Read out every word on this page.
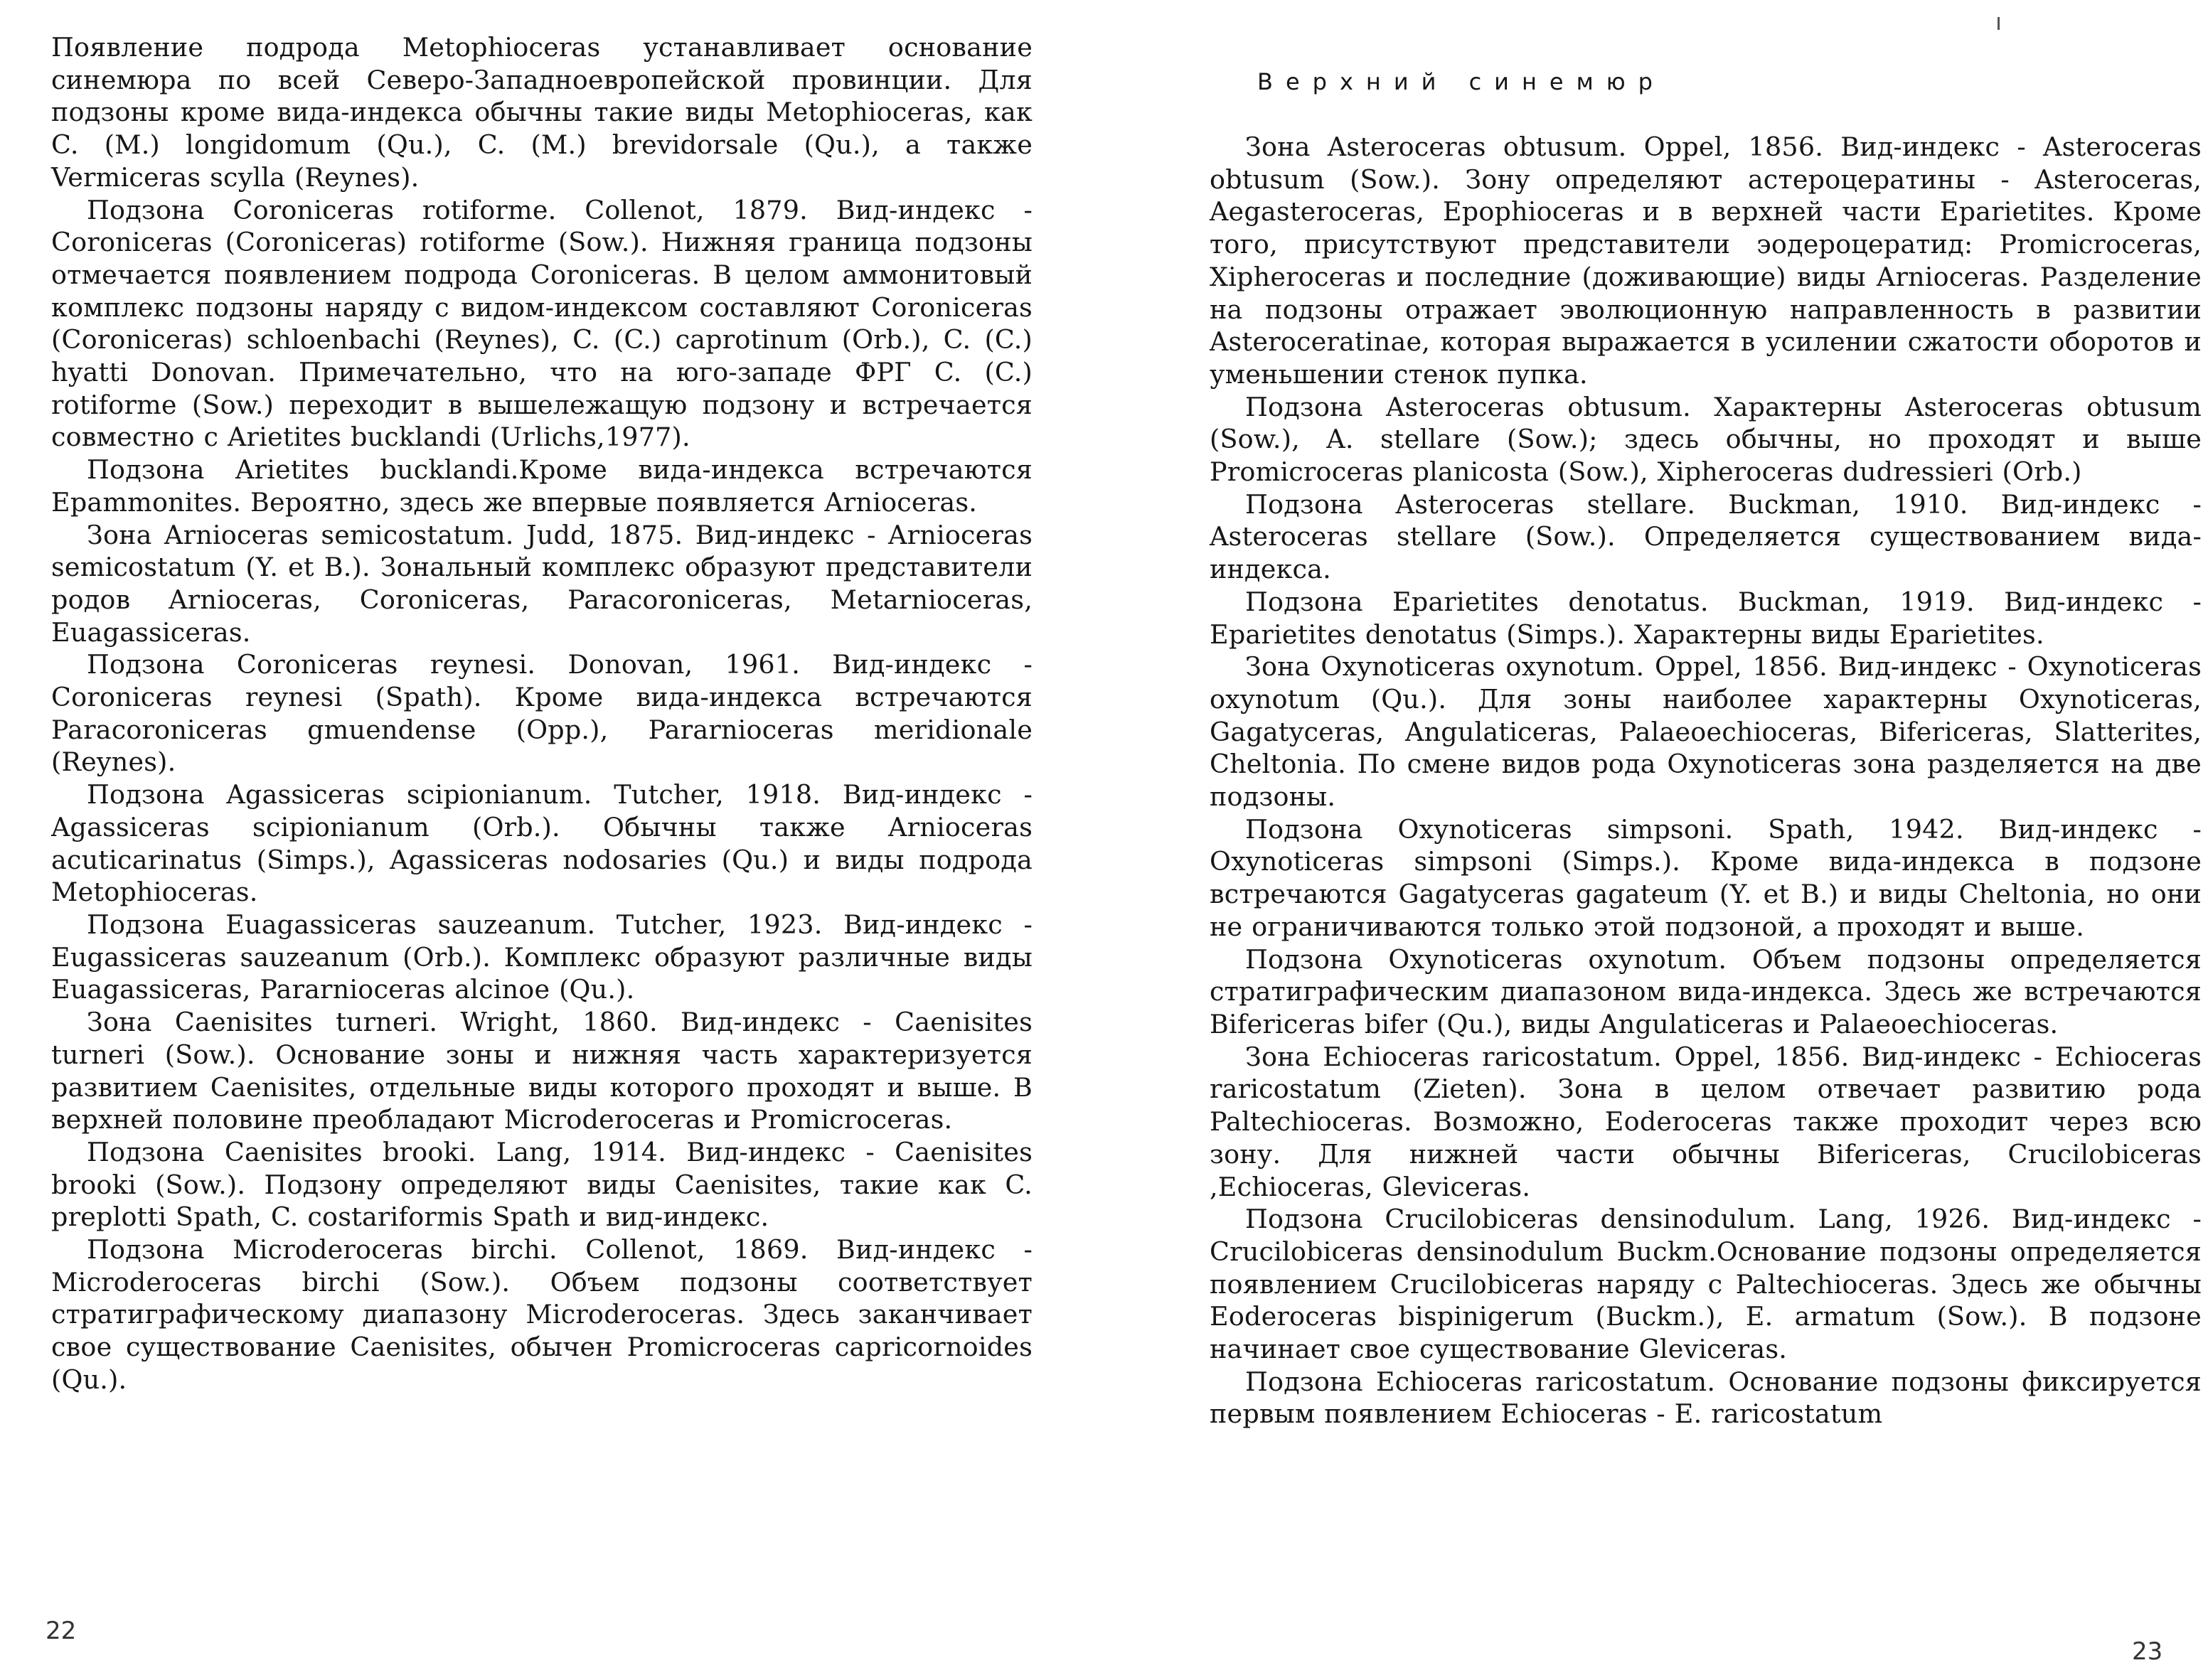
Появление подрода Metophioceras устанавливает основание синемюра по всей Северо-Западноевропейской провинции. Для подзоны кроме вида-индекса обычны такие виды Metophioceras, как C. (M.) longidomum (Qu.), C. (M.) brevidorsale (Qu.), а также Vermiceras scylla (Reynes).

Подзона Coroniceras rotiforme. Collenot, 1879. Вид-индекс - Coroniceras (Coroniceras) rotiforme (Sow.). Нижняя граница подзоны отмечается появлением подрода Coroniceras. В целом аммонитовый комплекс подзоны наряду с видом-индексом составляют Coroniceras (Coroniceras) schloenbachi (Reynes), C. (C.) caprotinum (Orb.), C. (C.) hyatti Donovan. Примечательно, что на юго-западе ФРГ C. (C.) rotiforme (Sow.) переходит в вышележащую подзону и встречается совместно с Arietites bucklandi (Urlichs,1977).

Подзона Arietites bucklandi.Кроме вида-индекса встречаются Epammonites. Вероятно, здесь же впервые появляется Arnioceras.

Зона Arnioceras semicostatum. Judd, 1875. Вид-индекс - Arnioceras semicostatum (Y. et B.). Зональный комплекс образуют представители родов Arnioceras, Coroniceras, Paracoroniceras, Metarnioceras, Euagassiceras.

Подзона Coroniceras reynesi. Donovan, 1961. Вид-индекс - Coroniceras reynesi (Spath). Кроме вида-индекса встречаются Paracoroniceras gmuendense (Opp.), Pararnioceras meridionale (Reynes).

Подзона Agassiceras scipionianum. Tutcher, 1918. Вид-индекс - Agassiceras scipionianum (Orb.). Обычны также Arnioceras acuticarinatus (Simps.), Agassiceras nodosaries (Qu.) и виды подрода Metophioceras.

Подзона Euagassiceras sauzeanum. Tutcher, 1923. Вид-индекс - Eugassiceras sauzeanum (Orb.). Комплекс образуют различные виды Euagassiceras, Pararnioceras alcinoe (Qu.).

Зона Caenisites turneri. Wright, 1860. Вид-индекс - Caenisites turneri (Sow.). Основание зоны и нижняя часть характеризуется развитием Caenisites, отдельные виды которого проходят и выше. В верхней половине преобладают Microderoceras и Promicroceras.

Подзона Caenisites brooki. Lang, 1914. Вид-индекс - Caenisites brooki (Sow.). Подзону определяют виды Caenisites, такие как C. preplotti Spath, C. costariformis Spath и вид-индекс.

Подзона Microderoceras birchi. Collenot, 1869. Вид-индекс - Microderoceras birchi (Sow.). Объем подзоны соответствует стратиграфическому диапазону Microderoceras. Здесь заканчивает свое существование Caenisites, обычен Promicroceras capricornoides (Qu.).

22
Верхний синемюр

Зона Asteroceras obtusum. Oppel, 1856. Вид-индекс - Asteroceras obtusum (Sow.). Зону определяют астероцератины - Asteroceras, Aegasteroceras, Epophioceras и в верхней части Eparietites. Кроме того, присутствуют представители эодероцератид: Promicroceras, Xipheroceras и последние (доживающие) виды Arnioceras. Разделение на подзоны отражает эволюционную направленность в развитии Asteroceratinae, которая выражается в усилении сжатости оборотов и уменьшении стенок пупка.

Подзона Asteroceras obtusum. Характерны Asteroceras obtusum (Sow.), A. stellare (Sow.); здесь обычны, но проходят и выше Promicroceras planicosta (Sow.), Xipheroceras dudressieri (Orb.)

Подзона Asteroceras stellare. Buckman, 1910. Вид-индекс - Asteroceras stellare (Sow.). Определяется существованием вида-индекса.

Подзона Eparietites denotatus. Buckman, 1919. Вид-индекс - Eparietites denotatus (Simps.). Характерны виды Eparietites.

Зона Oxynoticeras oxynotum. Oppel, 1856. Вид-индекс - Oxynoticeras oxynotum (Qu.). Для зоны наиболее характерны Oxynoticeras, Gagatyceras, Angulaticeras, Palaeoechioceras, Bifericeras, Slatterites, Cheltonia. По смене видов рода Oxynoticeras зона разделяется на две подзоны.

Подзона Oxynoticeras simpsoni. Spath, 1942. Вид-индекс - Oxynoticeras simpsoni (Simps.). Кроме вида-индекса в подзоне встречаются Gagatyceras gagateum (Y. et B.) и виды Cheltonia, но они не ограничиваются только этой подзоной, а проходят и выше.

Подзона Oxynoticeras oxynotum. Объем подзоны определяется стратиграфическим диапазоном вида-индекса. Здесь же встречаются Bifericeras bifer (Qu.), виды Angulaticeras и Palaeoechioceras.

Зона Echioceras raricostatum. Oppel, 1856. Вид-индекс - Echioceras raricostatum (Zieten). Зона в целом отвечает развитию рода Paltechioceras. Возможно, Eoderoceras также проходит через всю зону. Для нижней части обычны Bifericeras, Crucilobiceras ,Echioceras, Gleviceras.

Подзона Crucilobiceras densinodulum. Lang, 1926. Вид-индекс - Crucilobiceras densinodulum Buckm.Основание подзоны определяется появлением Crucilobiceras наряду с Paltechioceras. Здесь же обычны Eoderoceras bispinigerum (Buckm.), E. armatum (Sow.). В подзоне начинает свое существование Gleviceras.

Подзона Echioceras raricostatum. Основание подзоны фиксируется первым появлением Echioceras - E. raricostatum

23
